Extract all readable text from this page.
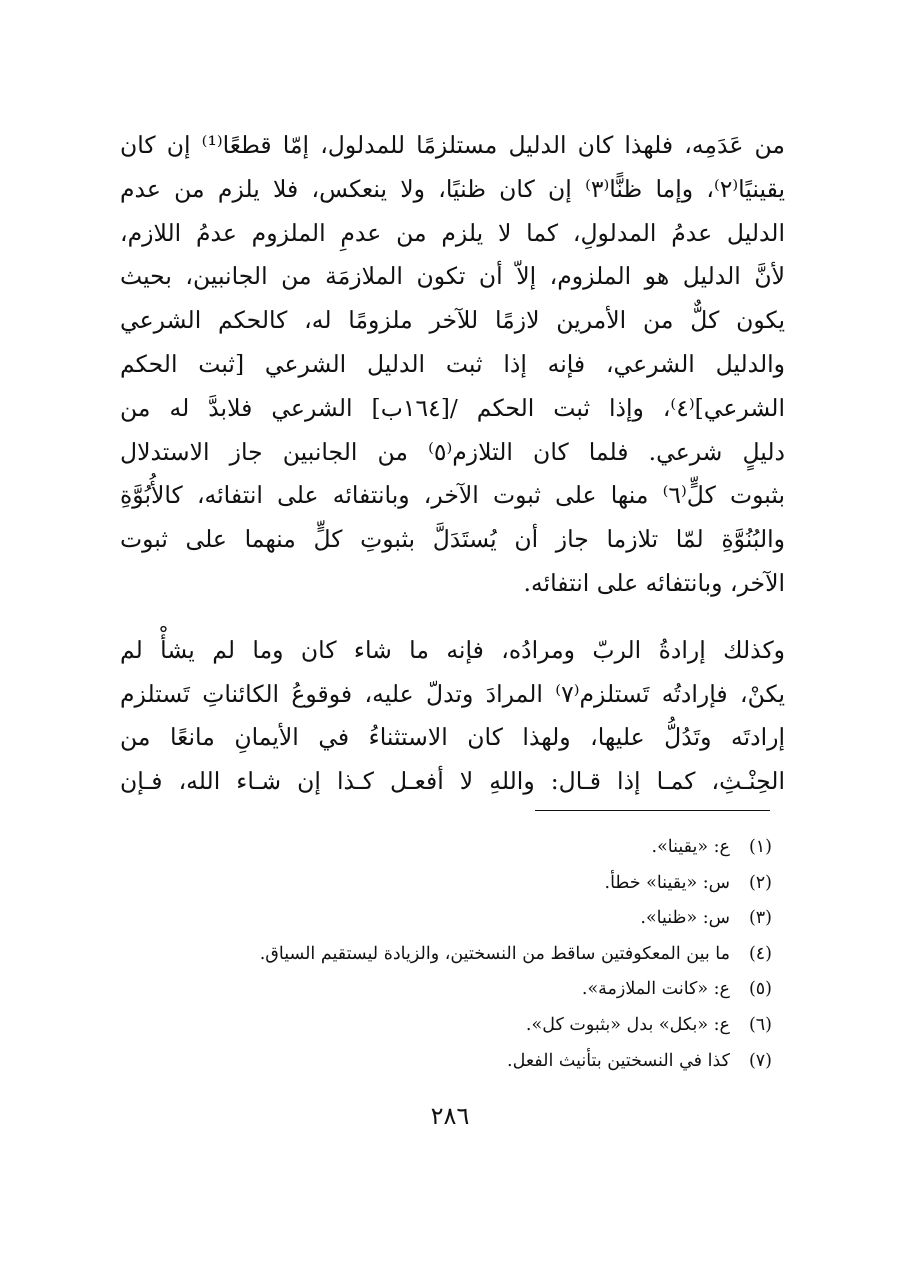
من عَدَمِه، فلهذا كان الدليل مستلزمًا للمدلول، إمّا قطعًا⁽¹⁾ إن كان
يقينيًا⁽٢⁾، وإما ظنًّا⁽٣⁾ إن كان ظنيًا، ولا ينعكس، فلا يلزم من عدم
الدليل عدمُ المدلولِ، كما لا يلزم من عدمِ الملزوم عدمُ اللازم،
لأنَّ الدليل هو الملزوم، إلاّ أن تكون الملازمَة من الجانبين، بحيث
يكون كلٌّ من الأمرين لازمًا للآخر ملزومًا له، كالحكم الشرعي
والدليل الشرعي، فإنه إذا ثبت الدليل الشرعي [ثبت الحكم
الشرعي]⁽٤⁾، وإذا ثبت الحكم /[١٦٤ب] الشرعي فلابدَّ له من
دليلٍ شرعي. فلما كان التلازم⁽٥⁾ من الجانبين جاز الاستدلال
بثبوت كلٍّ⁽٦⁾ منها على ثبوت الآخر، وبانتفائه على انتفائه، كالأُبُوَّةِ
والبُنُوَّةِ لمّا تلازما جاز أن يُستَدَلَّ بثبوتِ كلٍّ منهما على ثبوت
الآخر، وبانتفائه على انتفائه.
وكذلك إرادةُ الربّ ومرادُه، فإنه ما شاء كان وما لم يشأْ لم
يكنْ، فإرادتُه تَستلزم⁽٧⁾ المرادَ وتدلّ عليه، فوقوعُ الكائناتِ تَستلزم
إرادتَه وتَدُلُّ عليها، ولهذا كان الاستثناءُ في الأيمانِ مانعًا من
الحِنْـثِ، كمـا إذا قـال: واللهِ لا أفعـل كـذا إن شـاء الله، فـإن
(١)ع: «يقينا».
(٢)س: «يقينا» خطأ.
(٣)س: «ظنيا».
(٤)ما بين المعكوفتين ساقط من النسختين، والزيادة ليستقيم السياق.
(٥)ع: «كانت الملازمة».
(٦)ع: «بكل» بدل «بثبوت كل».
(٧)كذا في النسختين بتأنيث الفعل.
٢٨٦
